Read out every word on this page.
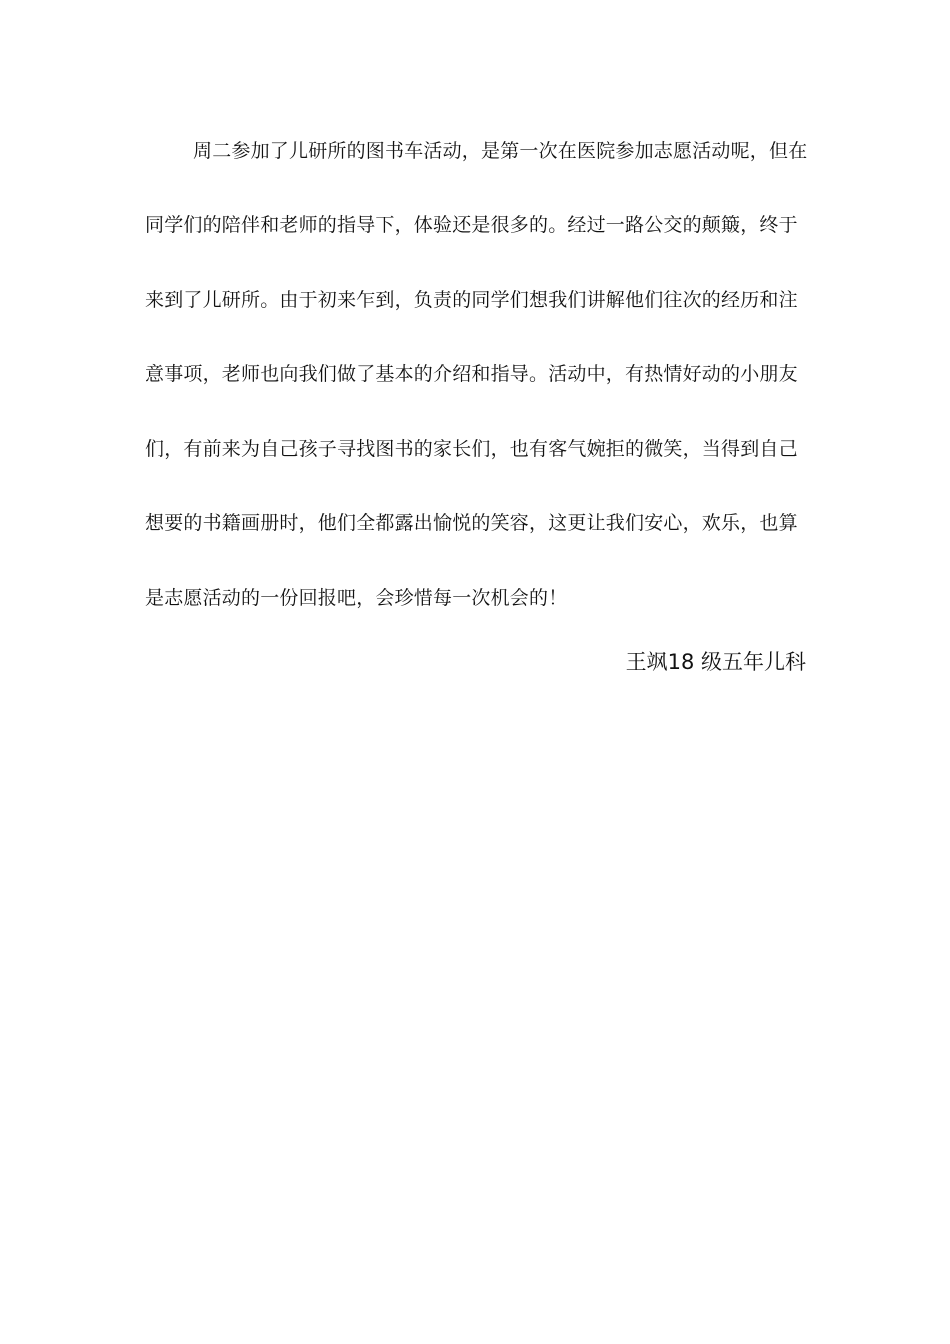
周二参加了儿研所的图书车活动，是第一次在医院参加志愿活动呢，但在
同学们的陪伴和老师的指导下，体验还是很多的。经过一路公交的颠簸，终于
来到了儿研所。由于初来乍到，负责的同学们想我们讲解他们往次的经历和注
意事项，老师也向我们做了基本的介绍和指导。活动中，有热情好动的小朋友
们，有前来为自己孩子寻找图书的家长们，也有客气婉拒的微笑，当得到自己
想要的书籍画册时，他们全都露出愉悦的笑容，这更让我们安心，欢乐，也算
是志愿活动的一份回报吧，会珍惜每一次机会的！
王飒18 级五年儿科
